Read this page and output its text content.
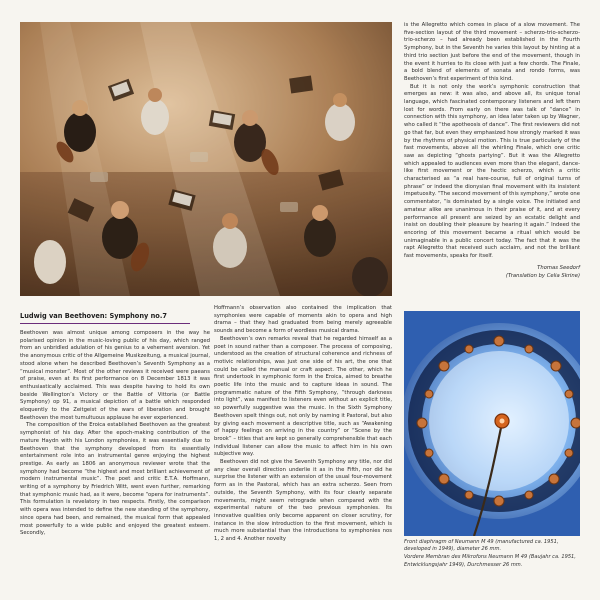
is the Allegretto which comes in place of a slow movement. The five-section layout of the third movement – scherzo-trio-scherzo-trio-scherzo – had already been established in the Fourth Symphony, but in the Seventh he varies this layout by hinting at a third trio section just before the end of the movement, though in the event it hurries to its close with just a few chords. The Finale, a bold blend of elements of sonata and rondo forms, was Beethoven’s first experiment of this kind.

But it is not only the work’s symphonic construction that emerges as new: it was also, and above all, its unique tonal language, which fascinated contemporary listeners and left them lost for words. From early on there was talk of “dance” in connection with this symphony, an idea later taken up by Wagner, who called it “the apotheosis of dance”. The first reviewers did not go that far, but even they emphasized how strongly marked it was by the rhythms of physical motion. This is true particularly of the fast movements, above all the whirling Finale, which one critic saw as depicting “ghosts partying”. But it was the Allegretto which appealed to audiences even more than the elegant, dance-like first movement or the hectic scherzo, which a critic characterised as “a real hare-course, full of original turns of phrase” or indeed the dionysian final movement with its insistent impetuosity. “The second movement of this symphony,” wrote one commentator, “is dominated by a single voice. The initiated and amateur alike are unanimous in their praise of it, and at every performance all present are seized by an ecstatic delight and insist on doubling their pleasure by hearing it again.” Indeed the encoring of this movement became a ritual which would be unimaginable in a public concert today. The fact that it was the rapt Allegretto that received such acclaim, and not the brilliant fast movements, speaks for itself.

Thomas Seedorf
(Translation by Celia Skrine)
Ludwig van Beethoven: Symphony no.7

Beethoven was almost unique among composers in the way he polarised opinion in the music-loving public of his day, which ranged from an unbridled adulation of his genius to a vehement aversion. Yet the anonymous critic of the Allgemeine Musikzeitung, a musical journal, stood alone when he described Beethoven’s Seventh Symphony as a “musical monster”. Most of the other reviews it received were paeans of praise, even at its first performance on 8 December 1813 it was enthusiastically acclaimed. This was despite having to hold its own beside Wellington’s Victory or the Battle of Vittoria (or Battle Symphony) op 91, a musical depiction of a battle which responded eloquently to the Zeitgeist of the wars of liberation and brought Beethoven the most tumultuous applause he ever experienced.

The composition of the Eroica established Beethoven as the greatest symphonist of his day. After the epoch-making contribution of the mature Haydn with his London symphonies, it was essentially due to Beethoven that the symphony developed from its essentially entertainment role into an instrumental genre enjoying the highest prestige. As early as 1806 an anonymous reviewer wrote that the symphony had become “the highest and most brilliant achievement of modern instrumental music”. The poet and critic E.T.A. Hoffmann, writing of a symphony by Friedrich Witt, went even further, remarking that symphonic music had, as it were, become “opera for instruments”. This formulation is revelatory in two respects. Firstly, the comparison with opera was intended to define the new standing of the symphony, since opera had been, and remained, the musical form that appealed most powerfully to a wide public and enjoyed the greatest esteem. Secondly,

Hoffmann’s observation also contained the implication that symphonies were capable of moments akin to opera and high drama – that they had graduated from being merely agreeable sounds and become a form of wordless musical drama.

Beethoven’s own remarks reveal that he regarded himself as a poet in sound rather than a composer. The process of composing, understood as the creation of structural coherence and richness of motivic relationships, was just one side of his art, the one that could be called the manual or craft aspect. The other, which he first undertook in symphonic form in the Eroica, aimed to breathe poetic life into the music and to capture ideas in sound. The programmatic nature of the Fifth Symphony, “through darkness into light”, was manifest to listeners even without an explicit title, so powerfully suggestive was the music. In the Sixth Symphony Beethoven spelt things out, not only by naming it Pastoral, but also by giving each movement a descriptive title, such as “Awakening of happy feelings on arriving in the country” or “Scene by the brook” – titles that are kept so generally comprehensible that each individual listener can allow the music to affect him in his own subjective way.

Beethoven did not give the Seventh Symphony any title, nor did any clear overall direction underlie it as in the Fifth, nor did he surprise the listener with an extension of the usual four-movement form as in the Pastoral, which has an extra scherzo. Seen from outside, the Seventh Symphony, with its four clearly separate movements, might seem retrograde when compared with the experimental nature of the two previous symphonies. Its innovative qualities only become apparent on closer scrutiny, for instance in the slow introduction to the first movement, which is much more substantial than the introductions to symphonies nos 1, 2 and 4. Another novelty	Front diaphragm of Neumann M 49 (manufactured ca. 1951, developed in 1949), diameter 26 mm.
Vordere Membran des Mikrofons Neumann M 49 (Baujahr ca. 1951, Entwicklungsjahr 1949), Durchmesser 26 mm.
